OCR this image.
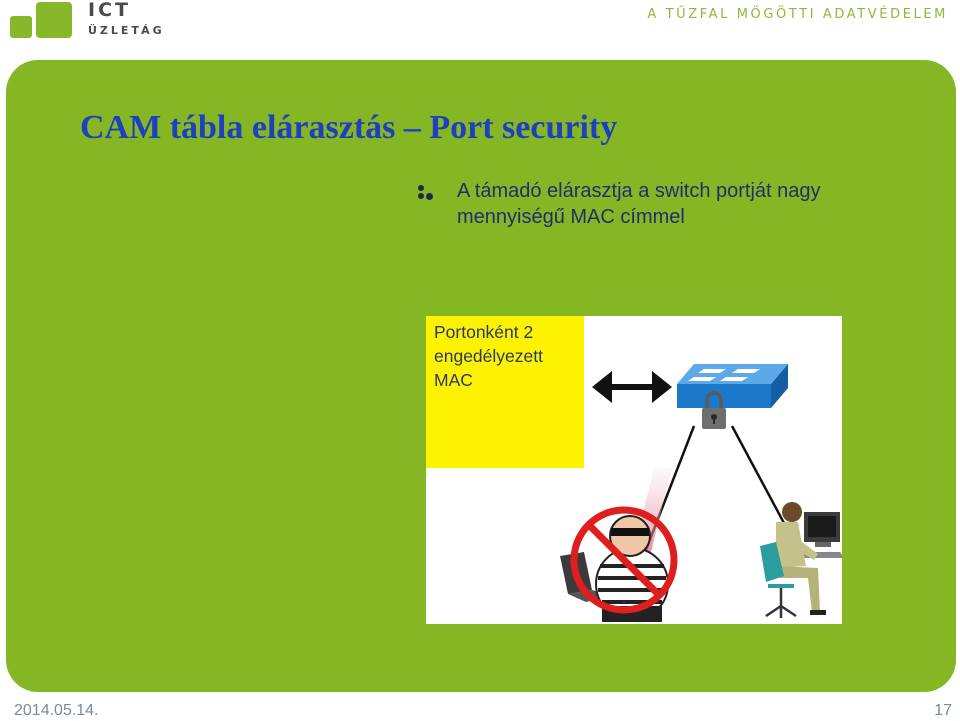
ICT
ÜZLETÁG
A TŰZFAL MÖGÖTTI ADATVÉDELEM
CAM tábla elárasztás – Port security
A támadó elárasztja a switch portját nagy mennyiségű MAC címmel
Portonként 2 engedélyezett MAC
2014.05.14.	17
